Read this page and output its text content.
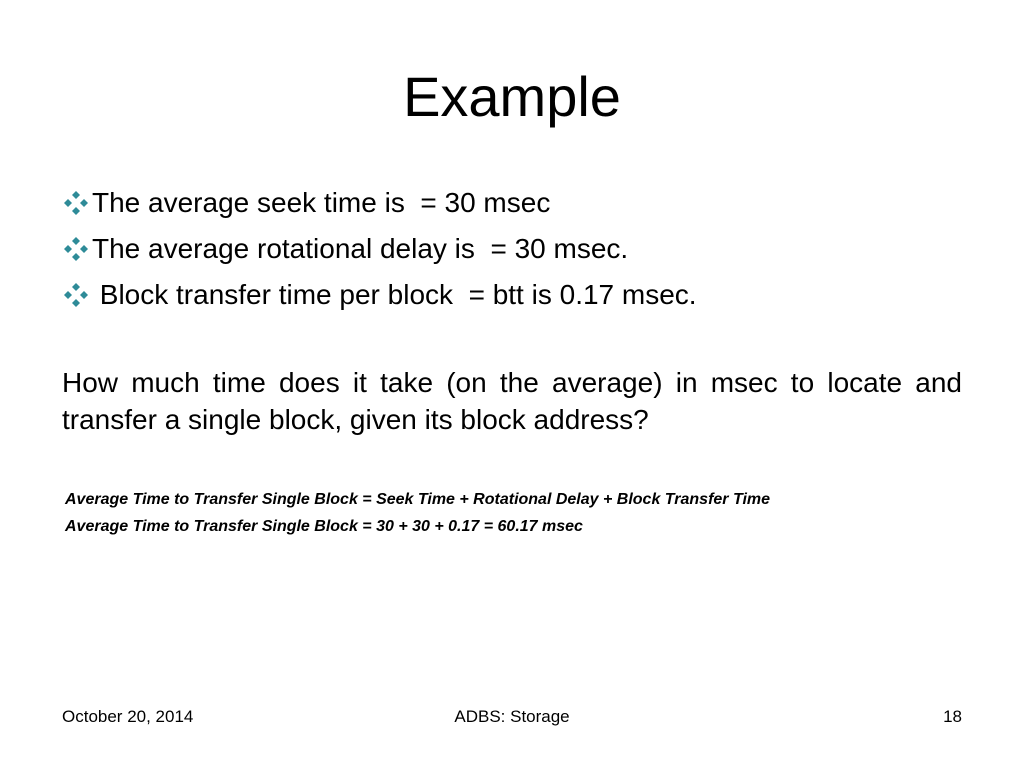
Example
The average seek time is  = 30 msec
The average rotational delay is  = 30 msec.
Block transfer time per block  = btt is 0.17 msec.

How much time does it take (on the average) in msec to locate and transfer a single block, given its block address?

Average Time to Transfer Single Block = Seek Time + Rotational Delay + Block Transfer Time
Average Time to Transfer Single Block = 30 + 30 + 0.17 = 60.17 msec
October 20, 2014	ADBS: Storage	18
